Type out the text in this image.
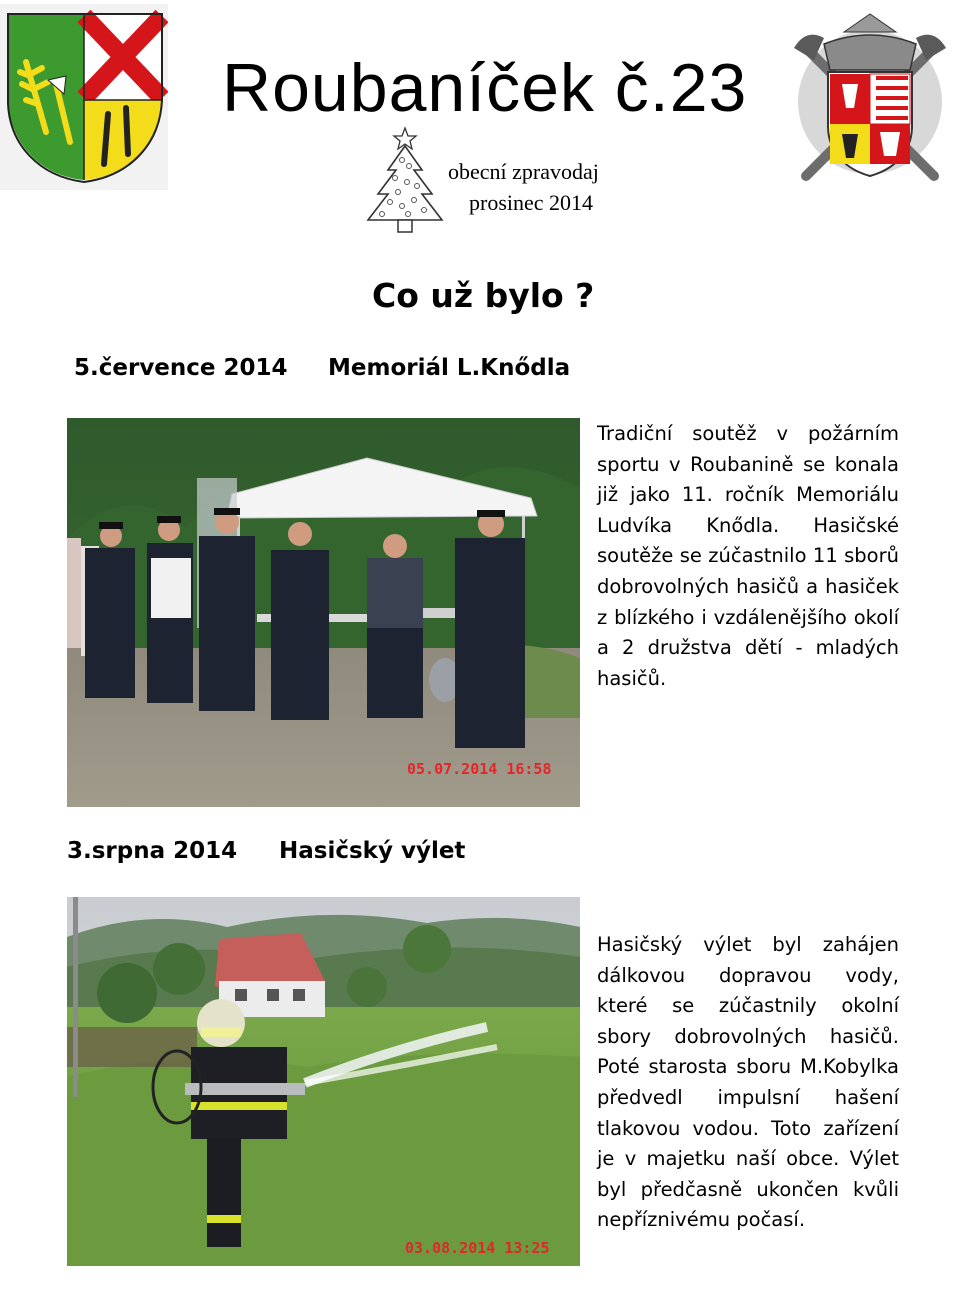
Roubaníček č.23
obecní zpravodaj
prosinec 2014
Co už bylo ?
5.července 2014 Memoriál L.Knődla
05.07.2014 16:58
Tradiční soutěž v požárním sportu v Roubanině se konala již jako 11. ročník Memoriálu Ludvíka Knődla. Hasičské soutěže se zúčastnilo 11 sborů dobrovolných hasičů a hasiček z blízkého i vzdálenějšího okolí a 2 družstva dětí - mladých hasičů.
3.srpna 2014 Hasičský výlet
03.08.2014 13:25
Hasičský výlet byl zahájen dálkovou dopravou vody, které se zúčastnily okolní sbory dobrovolných hasičů. Poté starosta sboru M.Kobylka předvedl impulsní hašení tlakovou vodou. Toto zařízení je v majetku naší obce. Výlet byl předčasně ukončen kvůli nepříznivému počasí.
